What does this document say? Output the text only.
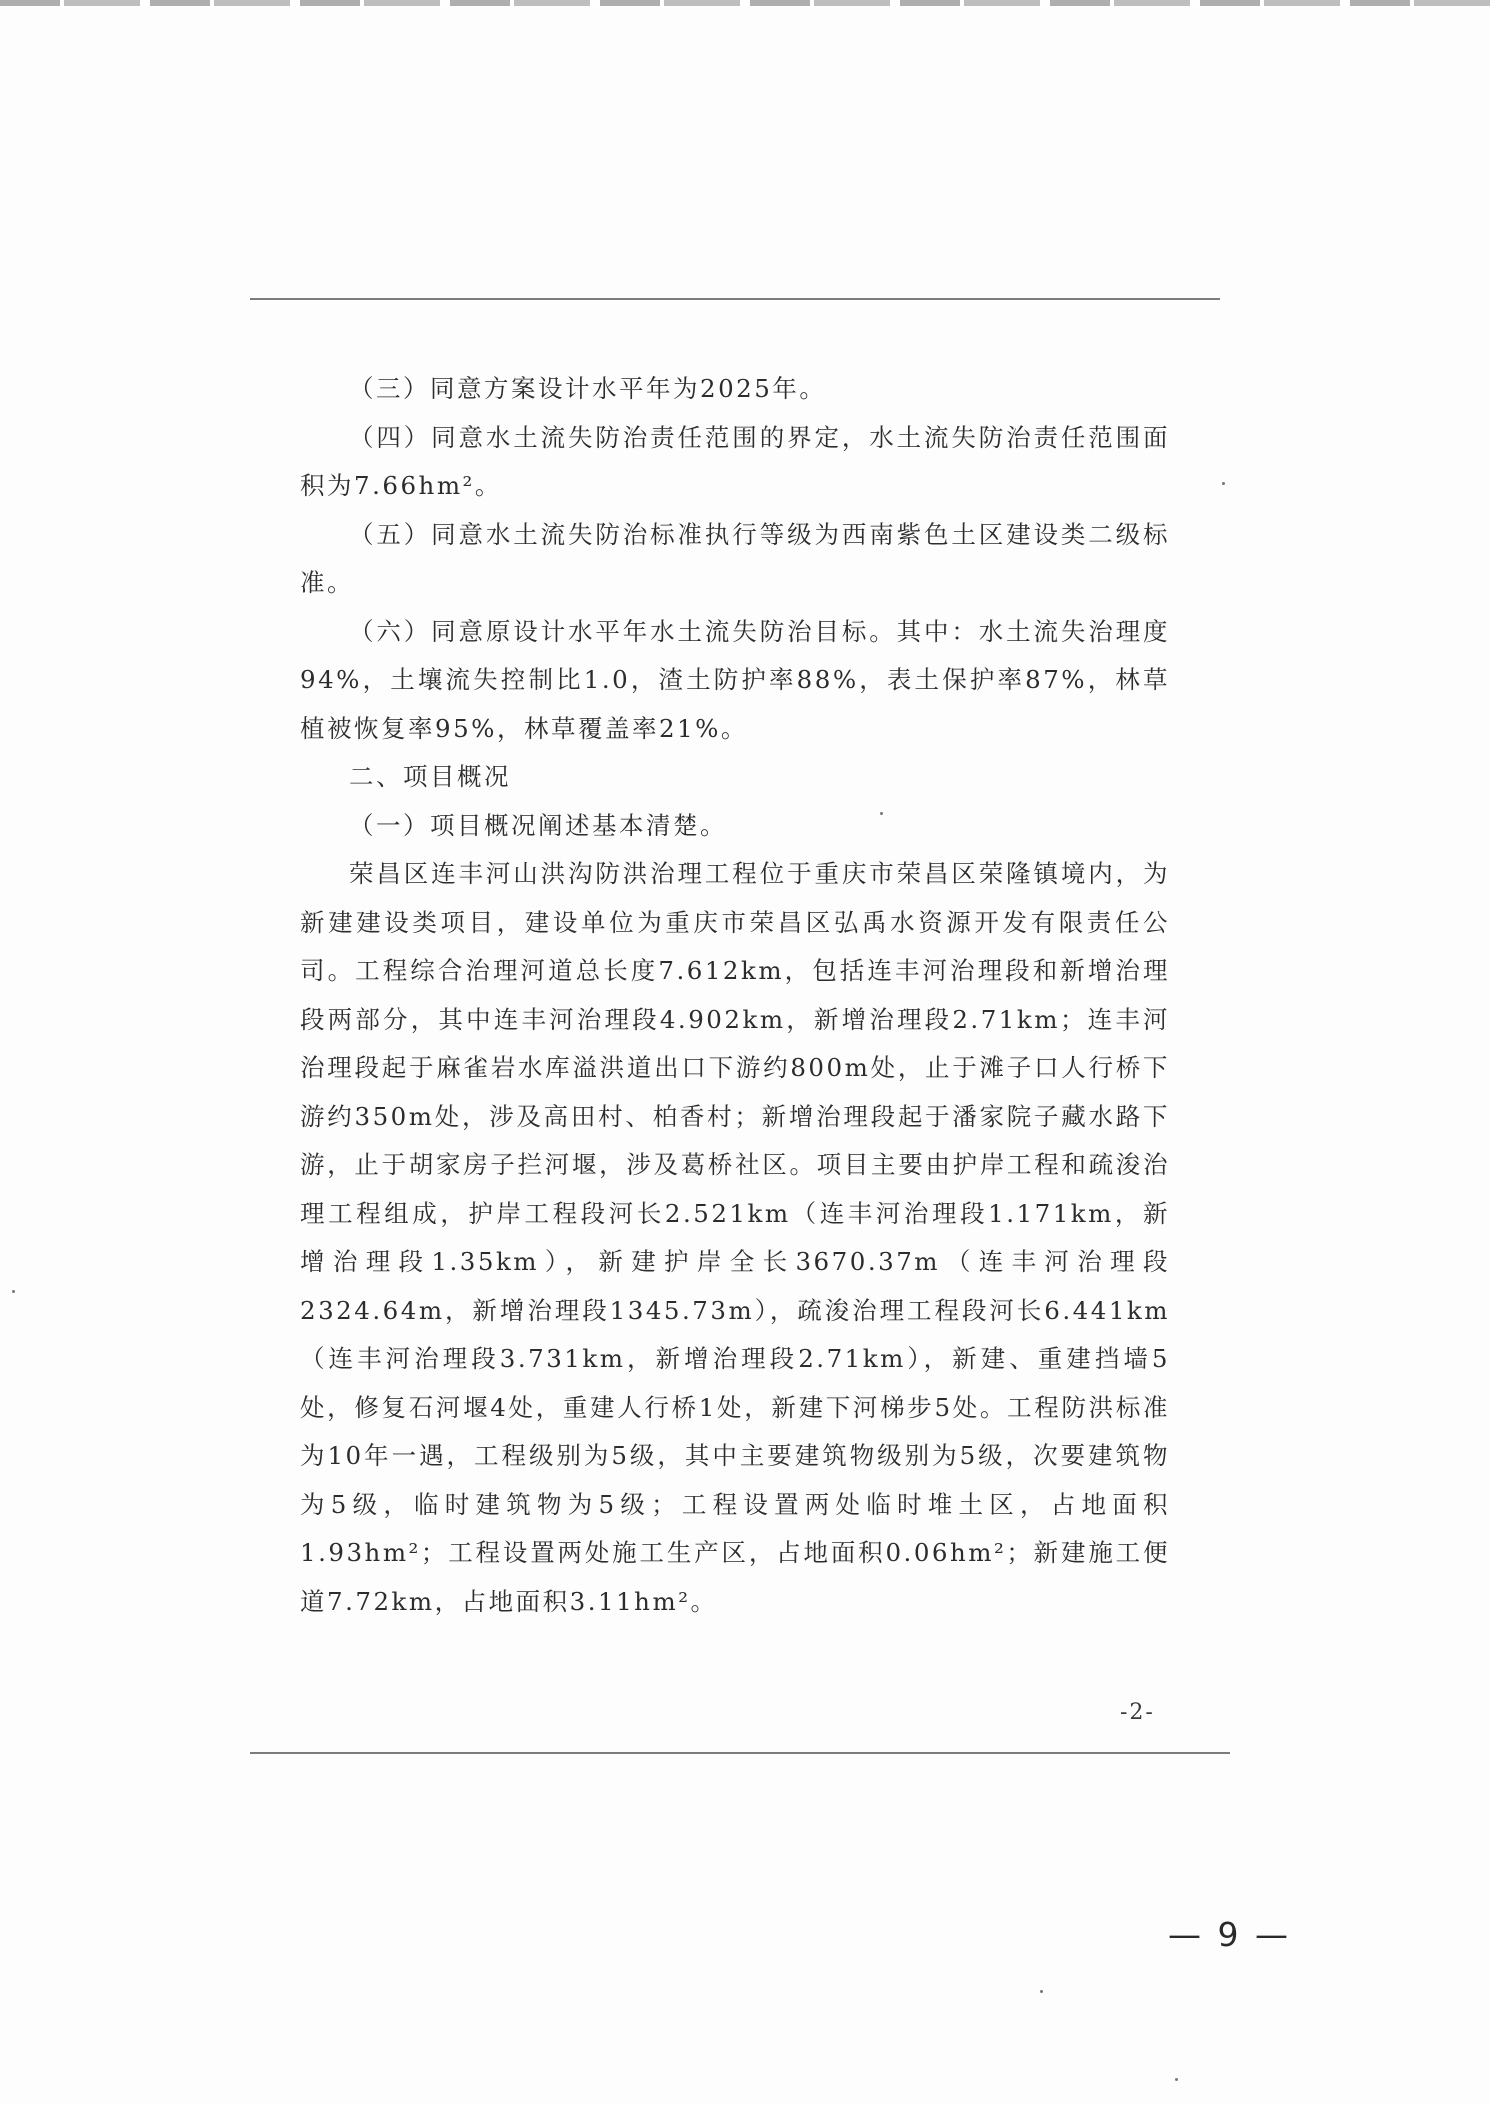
（三）同意方案设计水平年为2025年。

（四）同意水土流失防治责任范围的界定，水土流失防治责任范围面积为7.66hm²。

（五）同意水土流失防治标准执行等级为西南紫色土区建设类二级标准。

（六）同意原设计水平年水土流失防治目标。其中：水土流失治理度94%，土壤流失控制比1.0，渣土防护率88%，表土保护率87%，林草植被恢复率95%，林草覆盖率21%。

二、项目概况

（一）项目概况阐述基本清楚。

荣昌区连丰河山洪沟防洪治理工程位于重庆市荣昌区荣隆镇境内，为新建建设类项目，建设单位为重庆市荣昌区弘禹水资源开发有限责任公司。工程综合治理河道总长度7.612km，包括连丰河治理段和新增治理段两部分，其中连丰河治理段4.902km，新增治理段2.71km；连丰河治理段起于麻雀岩水库溢洪道出口下游约800m处，止于滩子口人行桥下游约350m处，涉及高田村、柏香村；新增治理段起于潘家院子藏水路下游，止于胡家房子拦河堰，涉及葛桥社区。项目主要由护岸工程和疏浚治理工程组成，护岸工程段河长2.521km（连丰河治理段1.171km，新增治理段1.35km），新建护岸全长3670.37m（连丰河治理段2324.64m，新增治理段1345.73m），疏浚治理工程段河长6.441km（连丰河治理段3.731km，新增治理段2.71km），新建、重建挡墙5处，修复石河堰4处，重建人行桥1处，新建下河梯步5处。工程防洪标准为10年一遇，工程级别为5级，其中主要建筑物级别为5级，次要建筑物为5级，临时建筑物为5级；工程设置两处临时堆土区，占地面积1.93hm²；工程设置两处施工生产区，占地面积0.06hm²；新建施工便道7.72km，占地面积3.11hm²。

-2-
— 9 —
